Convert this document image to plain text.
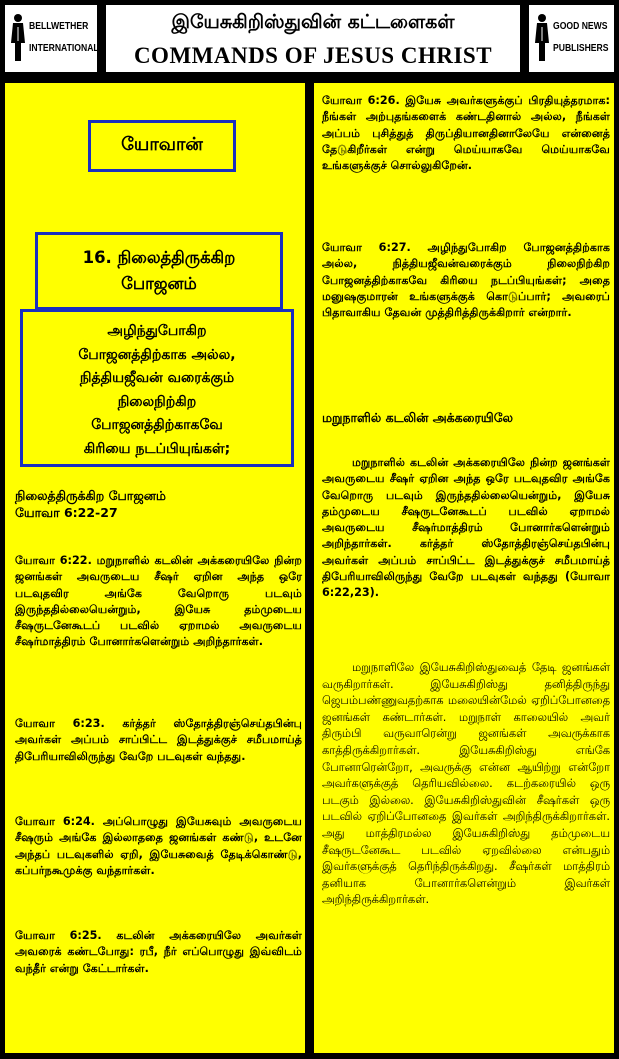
BELLWETHER
INTERNATIONAL
இயேசுகிறிஸ்துவின் கட்டளைகள்
COMMANDS OF JESUS CHRIST
GOOD NEWS
PUBLISHERS
யோவான்
16. நிலைத்திருக்கிற
போஜனம்
அழிந்துபோகிற
போஜனத்திற்காக அல்ல,
நித்தியஜீவன் வரைக்கும்
நிலைநிற்கிற
போஜனத்திற்காகவே
கிரியை நடப்பியுங்கள்;
நிலைத்திருக்கிற போஜனம்
யோவா 6:22-27
யோவா 6:22. மறுநாளில் கடலின் அக்கரையிலே நின்ற ஜனங்கள் அவருடைய சீஷர் ஏறின அந்த ஒரே படவுதவிர அங்கே வேறொரு படவும் இருந்ததில்லையென்றும், இயேசு தம்முடைய சீஷருடனேகூடப் படவில் ஏறாமல் அவருடைய சீஷர்மாத்திரம் போனார்களென்றும் அறிந்தார்கள்.
யோவா 6:23. கர்த்தர் ஸ்தோத்திரஞ்செய்தபின்பு அவர்கள் அப்பம் சாப்பிட்ட இடத்துக்குச் சமீபமாய்த் திபேரியாவிலிருந்து வேறே படவுகள் வந்தது.
யோவா 6:24. அப்பொழுது இயேசுவும் அவருடைய சீஷரும் அங்கே இல்லாததை ஜனங்கள் கண்டு, உடனே அந்தப் படவுகளில் ஏறி, இயேசுவைத் தேடிக்கொண்டு, கப்பர்நகூமுக்கு வந்தார்கள்.
யோவா 6:25. கடலின் அக்கரையிலே அவர்கள் அவரைக் கண்டபோது: ரபீ, நீர் எப்பொழுது இவ்விடம் வந்தீர் என்று கேட்டார்கள்.
யோவா 6:26. இயேசு அவர்களுக்குப் பிரதியுத்தரமாக: நீங்கள் அற்புதங்களைக் கண்டதினால் அல்ல, நீங்கள் அப்பம் புசித்துத் திருப்தியானதினாலேயே என்னைத் தேடுகிறீர்கள் என்று மெய்யாகவே மெய்யாகவே உங்களுக்குச் சொல்லுகிறேன்.
யோவா 6:27. அழிந்துபோகிற போஜனத்திற்காக அல்ல, நித்தியஜீவன்வரைக்கும் நிலைநிற்கிற போஜனத்திற்காகவே கிரியை நடப்பியுங்கள்; அதை மனுஷகுமாரன் உங்களுக்குக் கொடுப்பார்; அவரைப் பிதாவாகிய தேவன் முத்திரித்திருக்கிறார் என்றார்.
மறுநாளில் கடலின் அக்கரையிலே
மறுநாளில் கடலின் அக்கரையிலே நின்ற ஜனங்கள் அவருடைய சீஷர் ஏறின அந்த ஒரே படவுதவிர அங்கே வேறொரு படவும் இருந்ததில்லையென்றும், இயேசு தம்முடைய சீஷருடனேகூடப் படவில் ஏறாமல் அவருடைய சீஷர்மாத்திரம் போனார்களென்றும் அறிந்தார்கள். கர்த்தர் ஸ்தோத்திரஞ்செய்தபின்பு அவர்கள் அப்பம் சாப்பிட்ட இடத்துக்குச் சமீபமாய்த் திபேரியாவிலிருந்து வேறே படவுகள் வந்தது (யோவா 6:22,23).
மறுநாளிலே இயேசுகிறிஸ்துவைத் தேடி ஜனங்கள் வருகிறார்கள். இயேசுகிறிஸ்து தனித்திருந்து ஜெபம்பண்ணுவதற்காக மலையின்மேல் ஏறிப்போனதை ஜனங்கள் கண்டார்கள். மறுநாள் காலையில் அவர் திரும்பி வருவாரென்று ஜனங்கள் அவருக்காக காத்திருக்கிறார்கள். இயேசுகிறிஸ்து எங்கே போனாரென்றோ, அவருக்கு என்ன ஆயிற்று என்றோ அவர்களுக்குத் தெரியவில்லை. கடற்கரையில் ஒரு படகும் இல்லை. இயேசுகிறிஸ்துவின் சீஷர்கள் ஒரு படவில் ஏறிப்போனதை இவர்கள் அறிந்திருக்கிறார்கள். அது மாத்திரமல்ல இயேசுகிறிஸ்து தம்முடைய சீஷருடனேகூட படவில் ஏறவில்லை என்பதும் இவர்களுக்குத் தெரிந்திருக்கிறது. சீஷர்கள் மாத்திரம் தனியாக போனார்களென்றும் இவர்கள் அறிந்திருக்கிறார்கள்.
